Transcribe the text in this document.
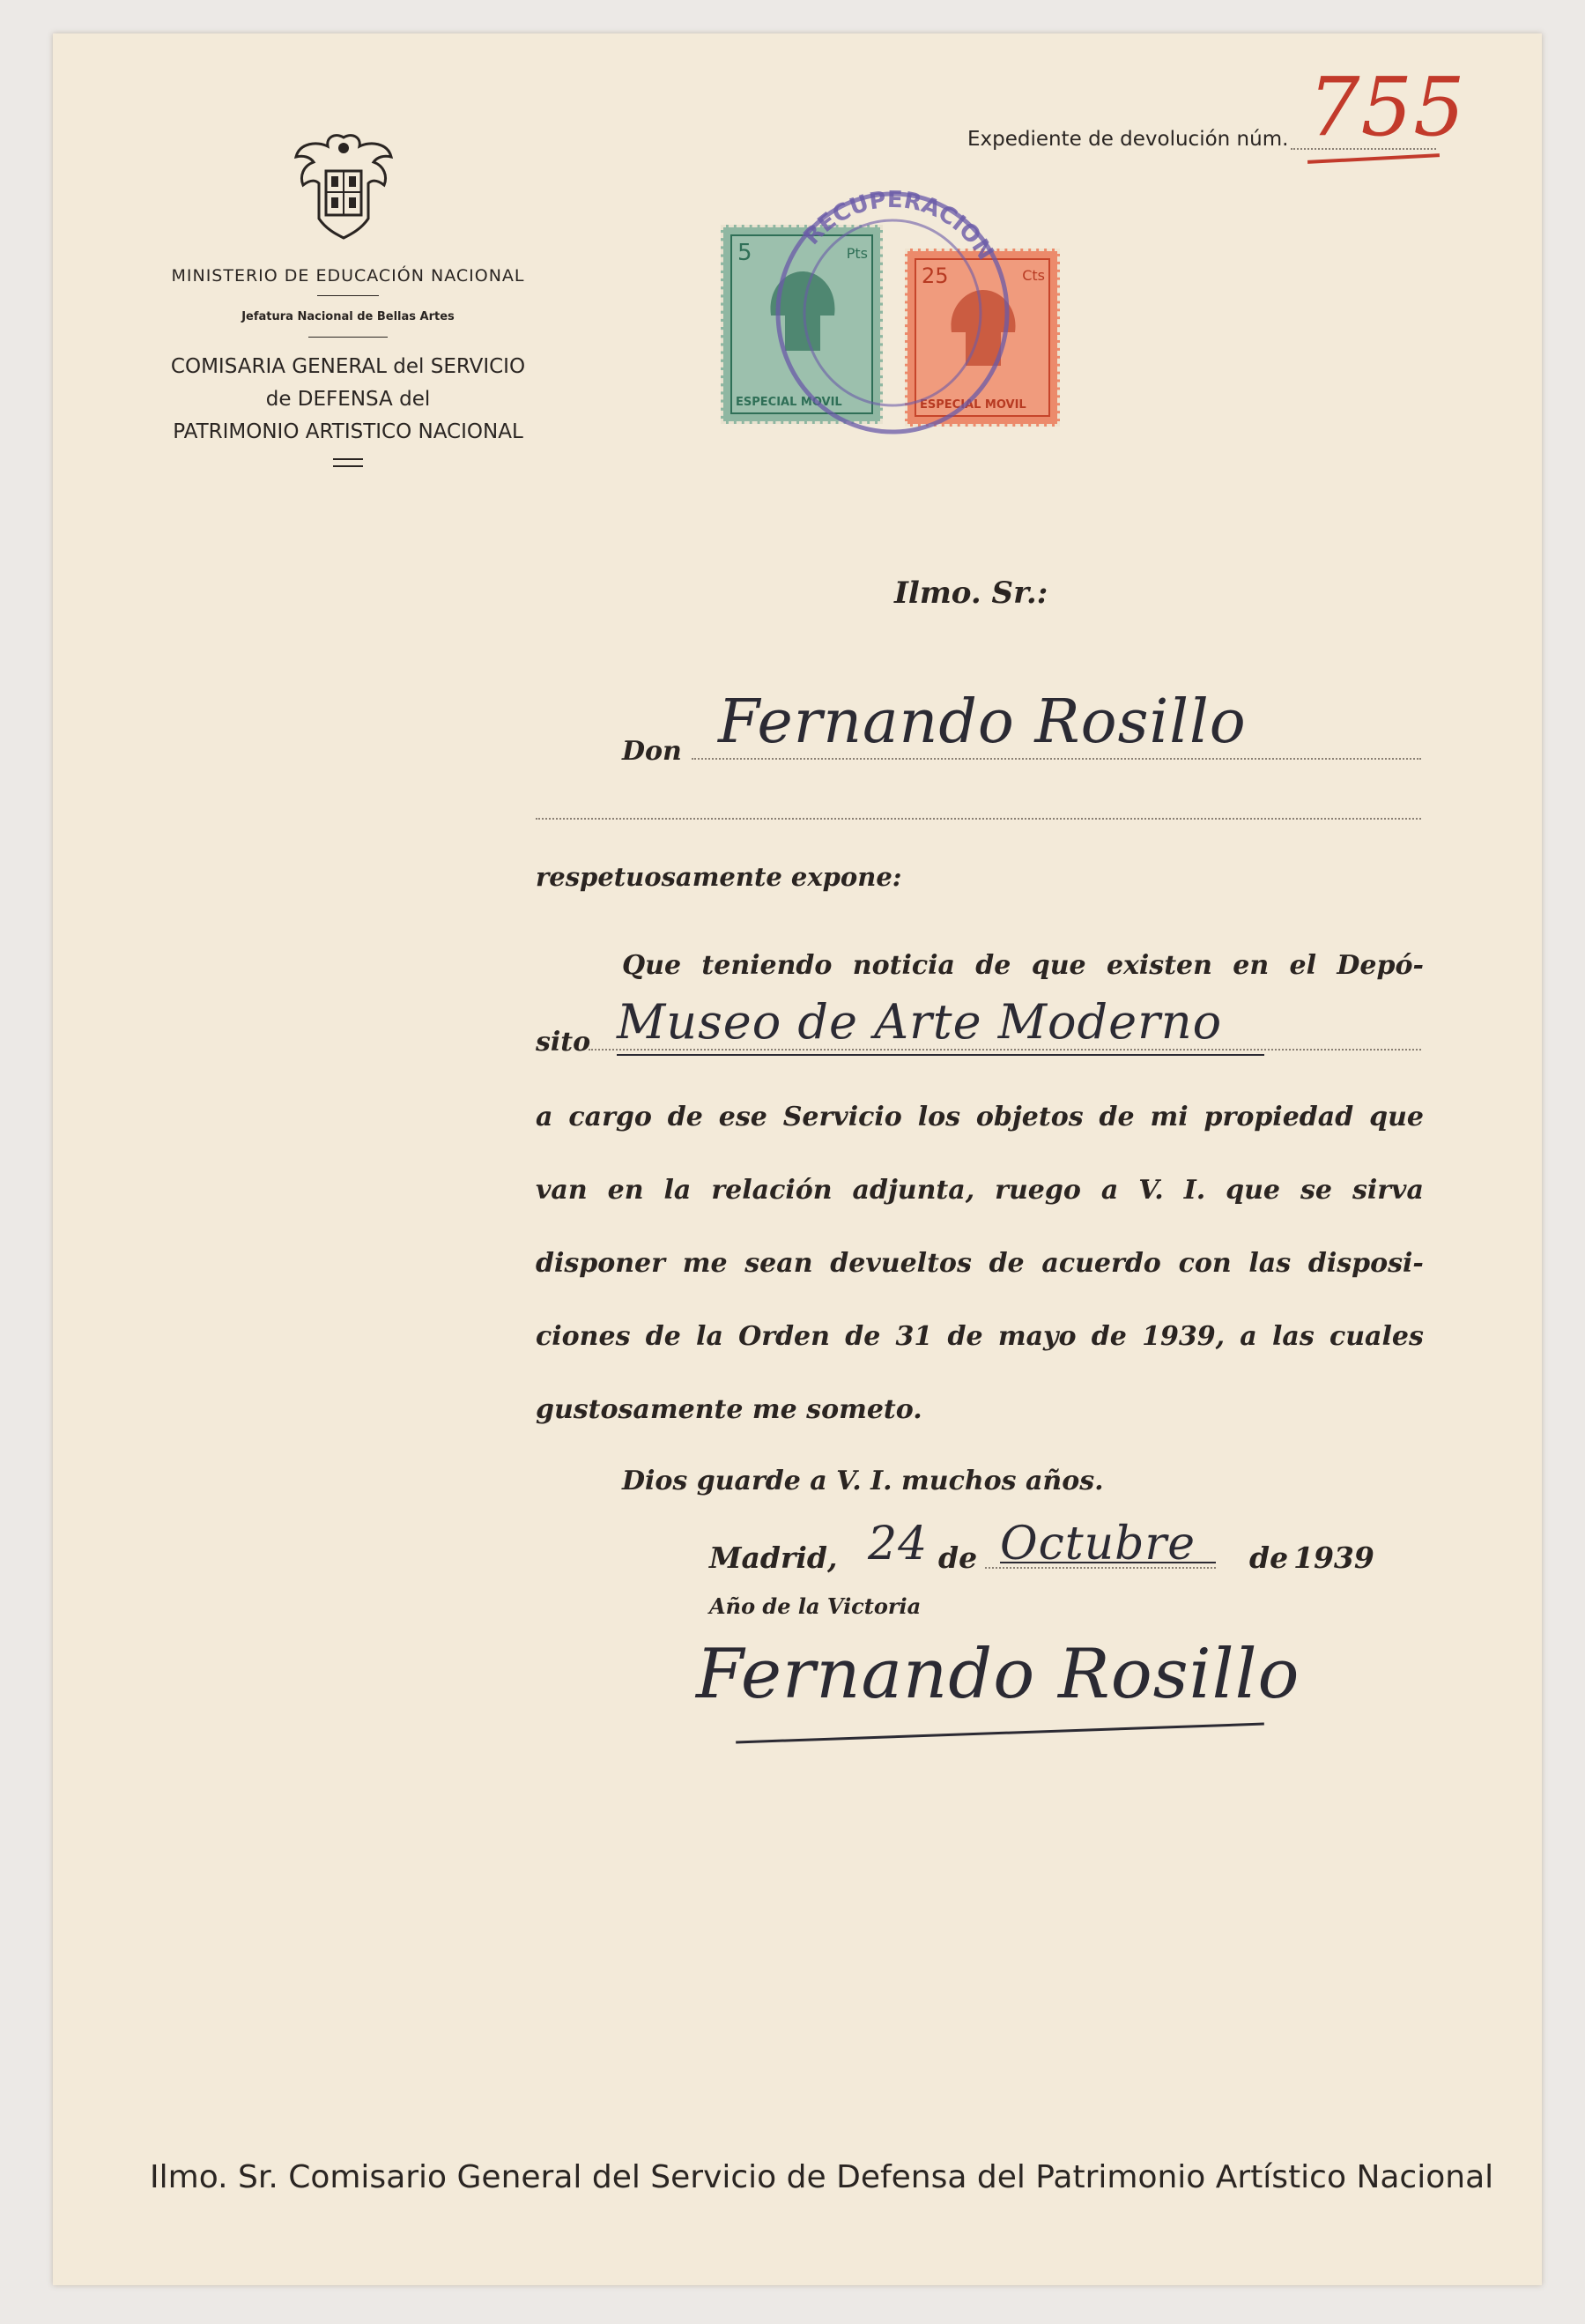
MINISTERIO DE EDUCACIÓN NACIONAL
Jefatura Nacional de Bellas Artes
COMISARIA GENERAL del SERVICIO
de DEFENSA del
PATRIMONIO ARTISTICO NACIONAL
Expediente de devolución núm. 755
5	Pts
ESPECIAL MOVIL
25	Cts
ESPECIAL MOVIL
RECUPERACION
Ilmo. Sr.:
Don Fernando Rosillo
respetuosamente expone:
Que teniendo noticia de que existen en el Depó-
sito Museo de Arte Moderno
a cargo de ese Servicio los objetos de mi propiedad que
van en la relación adjunta, ruego a V. I. que se sirva
disponer me sean devueltos de acuerdo con las disposi-
ciones de la Orden de 31 de mayo de 1939, a las cuales
gustosamente me someto.
Dios guarde a V. I. muchos años.
Madrid, 24 de Octubre de 1939
Año de la Victoria
Fernando Rosillo
Ilmo. Sr. Comisario General del Servicio de Defensa del Patrimonio Artístico Nacional
